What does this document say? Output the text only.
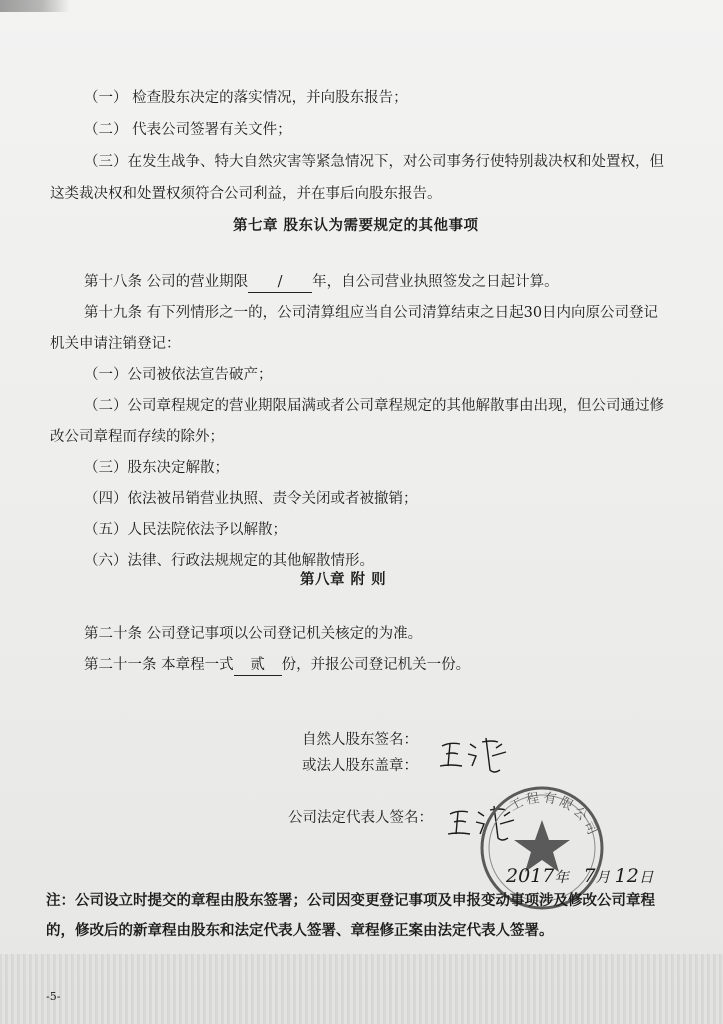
（一） 检查股东决定的落实情况，并向股东报告；
（二） 代表公司签署有关文件；
（三）在发生战争、特大自然灾害等紧急情况下，对公司事务行使特别裁决权和处置权，但
这类裁决权和处置权须符合公司利益，并在事后向股东报告。
第七章 股东认为需要规定的其他事项
第十八条 公司的营业期限 / 年，自公司营业执照签发之日起计算。
第十九条 有下列情形之一的，公司清算组应当自公司清算结束之日起30日内向原公司登记
机关申请注销登记：
（一）公司被依法宣告破产；
（二）公司章程规定的营业期限届满或者公司章程规定的其他解散事由出现，但公司通过修
改公司章程而存续的除外；
（三）股东决定解散；
（四）依法被吊销营业执照、责令关闭或者被撤销；
（五）人民法院依法予以解散；
（六）法律、行政法规规定的其他解散情形。
第八章 附 则
第二十条 公司登记事项以公司登记机关核定的为准。
第二十一条 本章程一式 贰 份，并报公司登记机关一份。
自然人股东签名：
或法人股东盖章：
公司法定代表人签名：
工程有限公司
2017年 7月 12日
注：公司设立时提交的章程由股东签署；公司因变更登记事项及申报变动事项涉及修改公司章程
的，修改后的新章程由股东和法定代表人签署、章程修正案由法定代表人签署。
-5-
